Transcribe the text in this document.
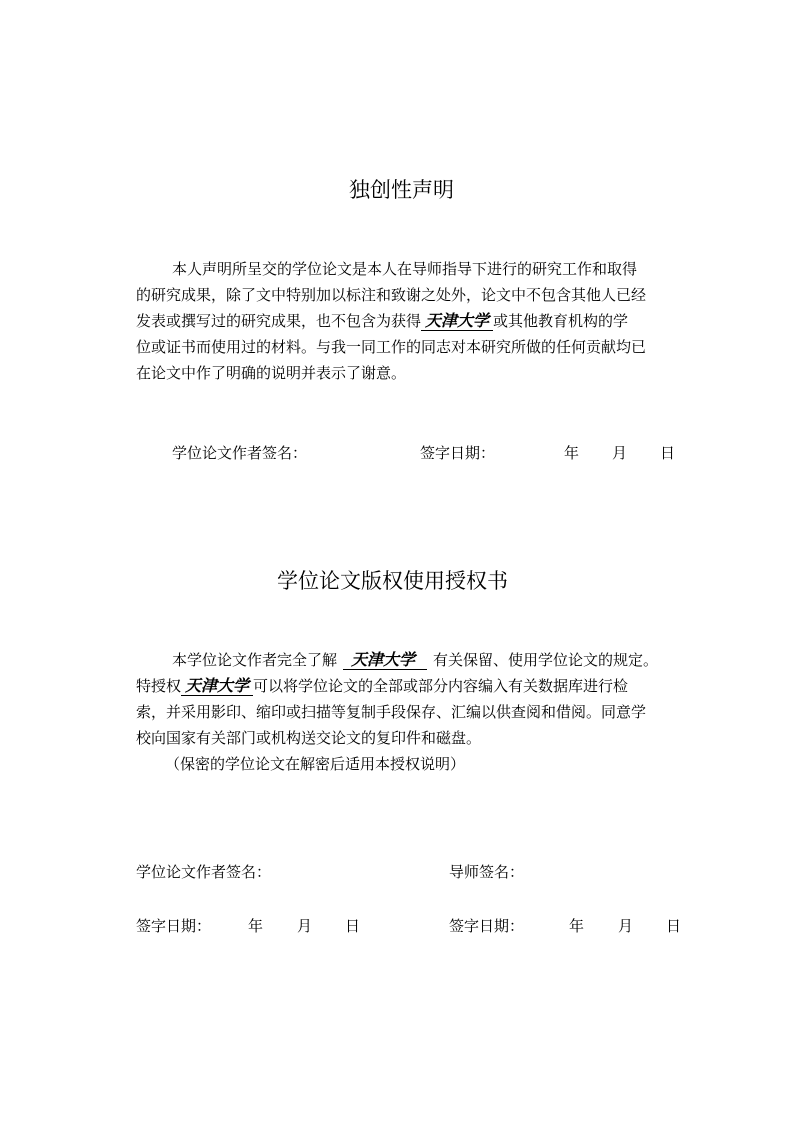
独创性声明
本人声明所呈交的学位论文是本人在导师指导下进行的研究工作和取得
的研究成果，除了文中特别加以标注和致谢之处外，论文中不包含其他人已经
发表或撰写过的研究成果，也不包含为获得 天津大学 或其他教育机构的学
位或证书而使用过的材料。与我一同工作的同志对本研究所做的任何贡献均已
在论文中作了明确的说明并表示了谢意。
学位论文作者签名：	签字日期：	年 月 日
学位论文版权使用授权书
本学位论文作者完全了解 天津大学 有关保留、使用学位论文的规定。
特授权 天津大学 可以将学位论文的全部或部分内容编入有关数据库进行检
索，并采用影印、缩印或扫描等复制手段保存、汇编以供查阅和借阅。同意学
校向国家有关部门或机构送交论文的复印件和磁盘。
（保密的学位论文在解密后适用本授权说明）
学位论文作者签名：	导师签名：
签字日期： 年 月 日	签字日期：	年 月 日
